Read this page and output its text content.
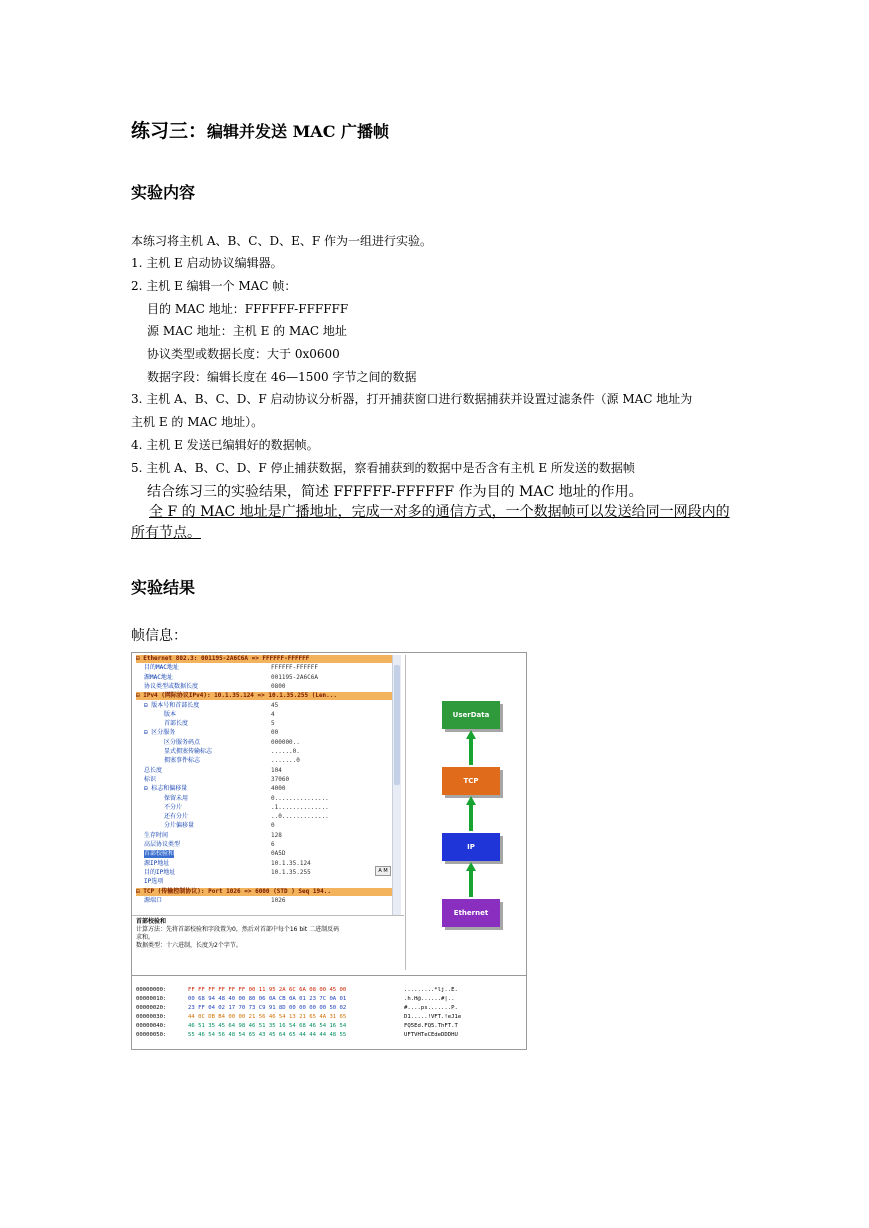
练习三：编辑并发送 MAC 广播帧
实验内容
本练习将主机 A、B、C、D、E、F 作为一组进行实验。
1. 主机 E 启动协议编辑器。
2. 主机 E 编辑一个 MAC 帧：
目的 MAC 地址：FFFFFF-FFFFFF
源 MAC 地址：主机 E 的 MAC 地址
协议类型或数据长度：大于 0x0600
数据字段：编辑长度在 46—1500 字节之间的数据
3. 主机 A、B、C、D、F 启动协议分析器，打开捕获窗口进行数据捕获并设置过滤条件（源 MAC 地址为
主机 E 的 MAC 地址）。
4. 主机 E 发送已编辑好的数据帧。
5. 主机 A、B、C、D、F 停止捕获数据，察看捕获到的数据中是否含有主机 E 所发送的数据帧
结合练习三的实验结果，简述 FFFFFF-FFFFFF 作为目的 MAC 地址的作用。
全 F 的 MAC 地址是广播地址，完成一对多的通信方式，一个数据帧可以发送给同一网段内的所有节点。
实验结果
帧信息：
⊟ Ethernet 802.3: 001195-2A6C6A => FFFFFF-FFFFFF
目的MAC地址	FFFFFF-FFFFFF
源MAC地址	001195-2A6C6A
协议类型或数据长度	0800
⊟ IPv4 (网际协议IPv4): 10.1.35.124 => 10.1.35.255 (Len...
⊟ 版本号和首部长度	45
版本	4
首部长度	5
⊟ 区分服务	00
区分服务码点	000000..
显式拥塞传输标志	......0.
拥塞事件标志	.......0
总长度	104
标识	37060
⊟ 标志和偏移量	4000
保留未用	0...............
不分片	.1..............
还有分片	..0.............
分片偏移量	0
生存时间	128
高层协议类型	6
首部校验和	0A5D
源IP地址	10.1.35.124
目的IP地址	10.1.35.255
IP选项
⊟ TCP (传输控制协议): Port 1026 => 6000 (STD ) Seq 194..
源端口	1026
A M
首部校验和
计算方法：先将首部校验和字段置为0，然后对首部中每个16 bit 二进制反码
求和。
数据类型：十六进制，长度为2个字节。
UserData
TCP
IP
Ethernet
00000000:	FF FF FF FF FF FF 00 11 95 2A 6C 6A 08 00 45 00	.........*lj..E.
00000010:	00 68 94 48 40 00 80 06 0A CB 0A 01 23 7C 0A 01	.h.H@......#|..
00000020:	23 FF 04 02 17 70 73 C9 91 8D 00 00 00 00 50 02	#....ps.......P.
00000030:	44 0C DB B4 00 00 21 56 46 54 13 21 65 4A 31 65	D1.....!VFT.!eJ1e
00000040:	46 51 35 45 64 98 46 51 35 16 54 68 46 54 16 54	FQ5Ed.FQ5.ThFT.T
00000050:	55 46 54 56 48 54 65 43 45 64 65 44 44 44 48 55	UFTVHTeCEdeDDDHU
